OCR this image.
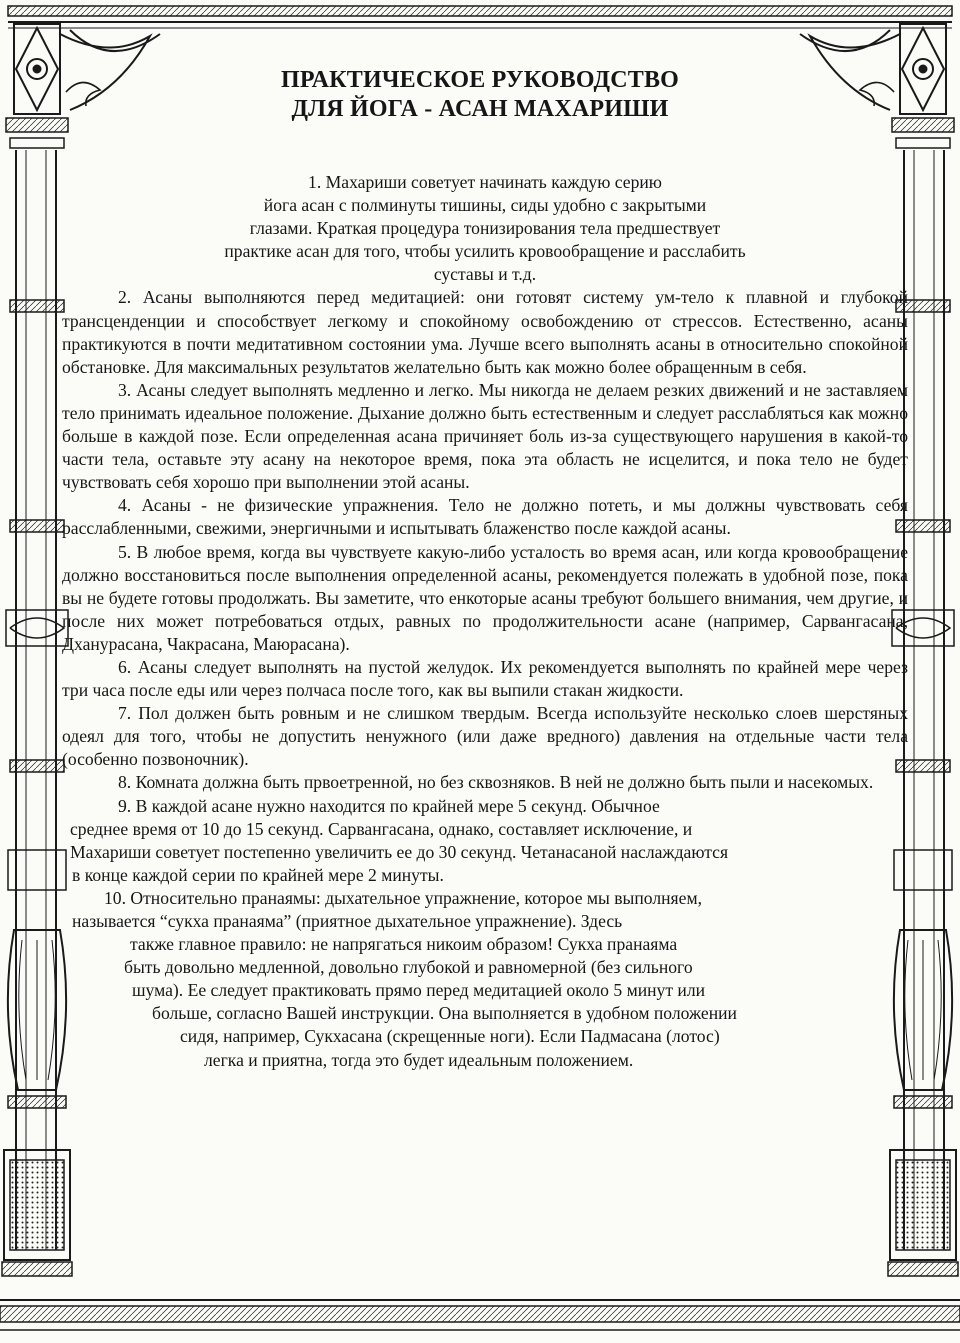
ПРАКТИЧЕСКОЕ РУКОВОДСТВО
ДЛЯ ЙОГА - АСАН МАХАРИШИ

1. Махариши советует начинать каждую серию
йога асан с полминуты тишины, сиды удобно с закрытыми
глазами. Краткая процедура тонизирования тела предшествует
практике асан для того, чтобы усилить кровообращение и расслабить
суставы и т.д.

2. Асаны выполняются перед медитацией: они готовят систему ум-тело к плавной и глубокой трансценденции и способствует легкому и спокойному освобождению от стрессов. Естественно, асаны практикуются в почти медитативном состоянии ума. Лучше всего выполнять асаны в относительно спокойной обстановке. Для максимальных результатов желательно быть как можно более обращенным в себя.

3. Асаны следует выполнять медленно и легко. Мы никогда не делаем резких движений и не заставляем тело принимать идеальное положение. Дыхание должно быть естественным и следует расслабляться как можно больше в каждой позе. Если определенная асана причиняет боль из-за существующего нарушения в какой-то части тела, оставьте эту асану на некоторое время, пока эта область не исцелится, и пока тело не будет чувствовать себя хорошо при выполнении этой асаны.

4. Асаны - не физические упражнения. Тело не должно потеть, и мы должны чувствовать себя расслабленными, свежими, энергичными и испытывать блаженство после каждой асаны.

5. В любое время, когда вы чувствуете какую-либо усталость во время асан, или когда кровообращение должно восстановиться после выполнения определенной асаны, рекомендуется полежать в удобной позе, пока вы не будете готовы продолжать. Вы заметите, что енкоторые асаны требуют большего внимания, чем другие, и после них может потребоваться отдых, равных по продолжительности асане (например, Сарвангасана, Дханурасана, Чакрасана, Маюрасана).

6. Асаны следует выполнять на пустой желудок. Их рекомендуется выполнять по крайней мере через три часа после еды или через полчаса после того, как вы выпили стакан жидкости.

7. Пол должен быть ровным и не слишком твердым. Всегда используйте несколько слоев шерстяных одеял для того, чтобы не допустить ненужного (или даже вредного) давления на отдельные части тела (особенно позвоночник).

8. Комната должна быть првоетренной, но без сквозняков. В ней не должно быть пыли и насекомых.

9. В каждой асане нужно находится по крайней мере 5 секунд. Обычное
среднее время от 10 до 15 секунд. Сарвангасана, однако, составляет исключение, и
Махариши советует постепенно увеличить ее до 30 секунд. Четанасаной наслаждаются
в конце каждой серии по крайней мере 2 минуты.

10. Относительно пранаямы: дыхательное упражнение, которое мы выполняем,
называется “сукха пранаяма” (приятное дыхательное упражнение). Здесь
также главное правило: не напрягаться никоим образом! Сукха пранаяма
быть довольно медленной, довольно глубокой и равномерной (без сильного
шума). Ее следует практиковать прямо перед медитацией около 5 минут или
больше, согласно Вашей инструкции. Она выполняется в удобном положении
сидя, например, Сукхасана (скрещенные ноги). Если Падмасана (лотос)
легка и приятна, тогда это будет идеальным положением.
